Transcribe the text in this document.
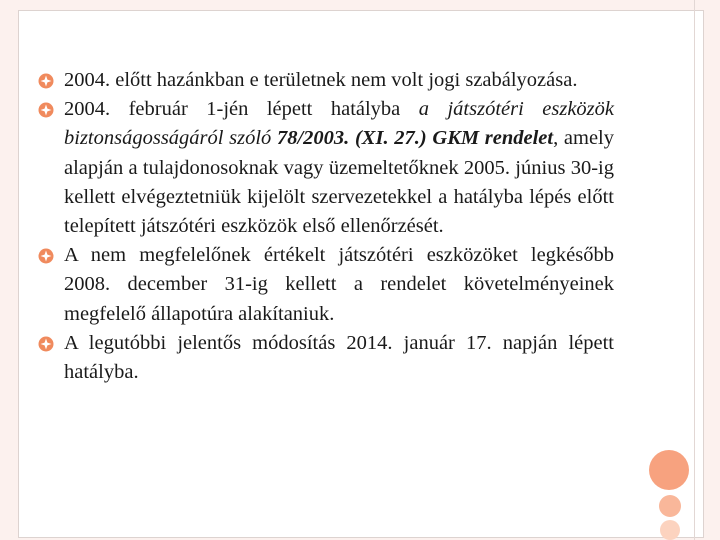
2004. előtt hazánkban e területnek nem volt jogi szabályozása.
2004. február 1-jén lépett hatályba a játszótéri eszközök biztonságosságáról szóló 78/2003. (XI. 27.) GKM rendelet, amely alapján a tulajdonosoknak vagy üzemeltetőknek 2005. június 30-ig kellett elvégeztetniük kijelölt szervezetekkel a hatályba lépés előtt telepített játszótéri eszközök első ellenőrzését.
A nem megfelelőnek értékelt játszótéri eszközöket legkésőbb 2008. december 31-ig kellett a rendelet követelményeinek megfelelő állapotúra alakítaniuk.
A legutóbbi jelentős módosítás 2014. január 17. napján lépett hatályba.
